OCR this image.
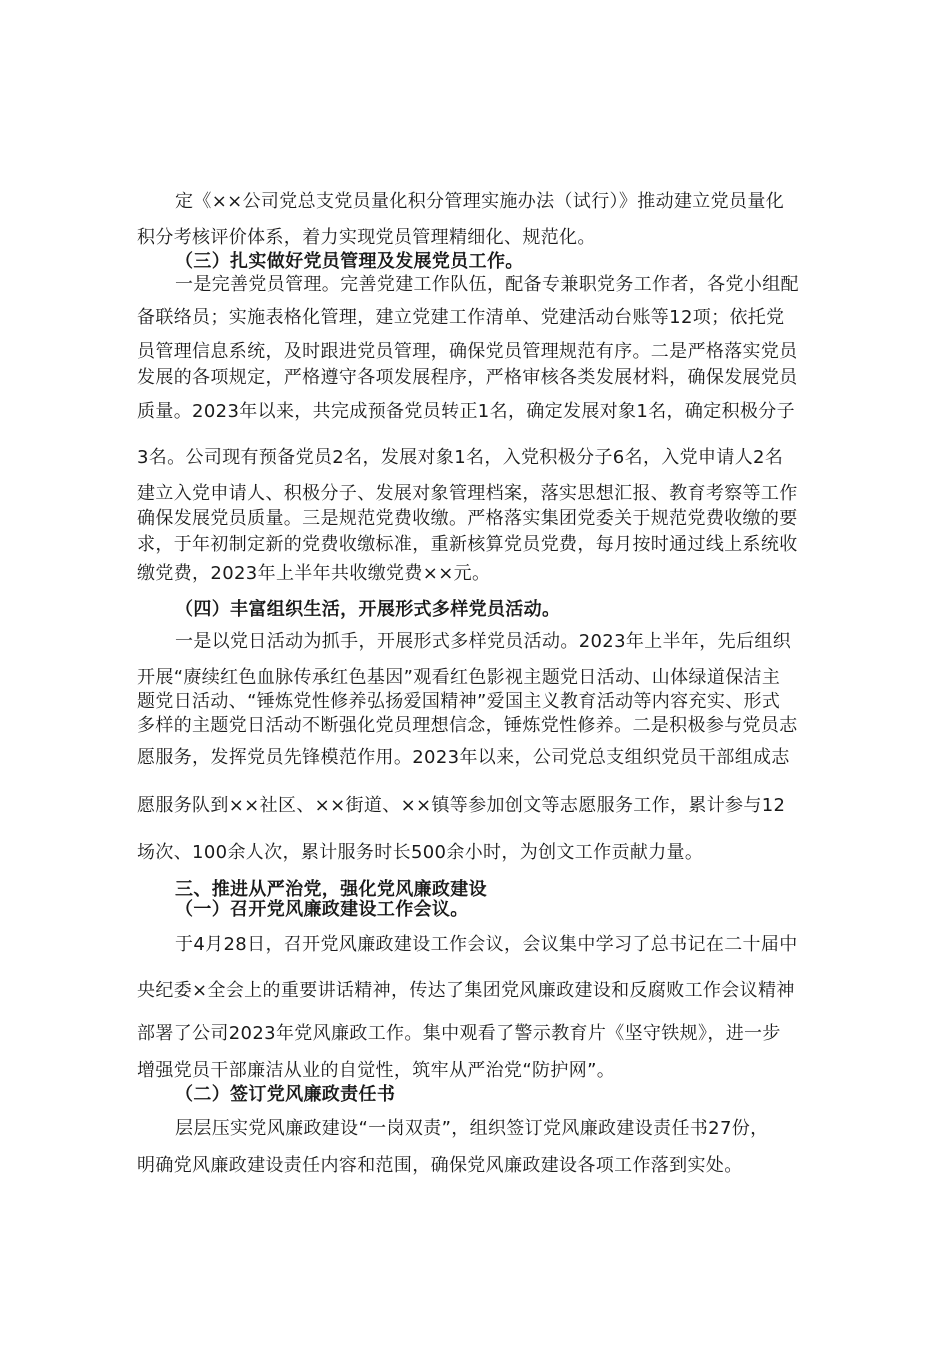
定《××公司党总支党员量化积分管理实施办法（试行）》推动建立党员量化
积分考核评价体系，着力实现党员管理精细化、规范化。
（三）扎实做好党员管理及发展党员工作。
一是完善党员管理。完善党建工作队伍，配备专兼职党务工作者，各党小组配
备联络员；实施表格化管理，建立党建工作清单、党建活动台账等12项；依托党
员管理信息系统，及时跟进党员管理，确保党员管理规范有序。二是严格落实党员
发展的各项规定，严格遵守各项发展程序，严格审核各类发展材料，确保发展党员
质量。2023年以来，共完成预备党员转正1名，确定发展对象1名，确定积极分子
3名。公司现有预备党员2名，发展对象1名，入党积极分子6名，入党申请人2名
建立入党申请人、积极分子、发展对象管理档案，落实思想汇报、教育考察等工作
确保发展党员质量。三是规范党费收缴。严格落实集团党委关于规范党费收缴的要
求，于年初制定新的党费收缴标准，重新核算党员党费，每月按时通过线上系统收
缴党费，2023年上半年共收缴党费××元。
（四）丰富组织生活，开展形式多样党员活动。
一是以党日活动为抓手，开展形式多样党员活动。2023年上半年，先后组织
开展“赓续红色血脉传承红色基因”观看红色影视主题党日活动、山体绿道保洁主
题党日活动、“锤炼党性修养弘扬爱国精神”爱国主义教育活动等内容充实、形式
多样的主题党日活动不断强化党员理想信念，锤炼党性修养。二是积极参与党员志
愿服务，发挥党员先锋模范作用。2023年以来，公司党总支组织党员干部组成志
愿服务队到××社区、××街道、××镇等参加创文等志愿服务工作，累计参与12
场次、100余人次，累计服务时长500余小时，为创文工作贡献力量。
三、推进从严治党，强化党风廉政建设
（一）召开党风廉政建设工作会议。
于4月28日，召开党风廉政建设工作会议，会议集中学习了总书记在二十届中
央纪委×全会上的重要讲话精神，传达了集团党风廉政建设和反腐败工作会议精神
部署了公司2023年党风廉政工作。集中观看了警示教育片《坚守铁规》，进一步
增强党员干部廉洁从业的自觉性，筑牢从严治党“防护网”。
（二）签订党风廉政责任书
层层压实党风廉政建设“一岗双责”，组织签订党风廉政建设责任书27份，
明确党风廉政建设责任内容和范围，确保党风廉政建设各项工作落到实处。
